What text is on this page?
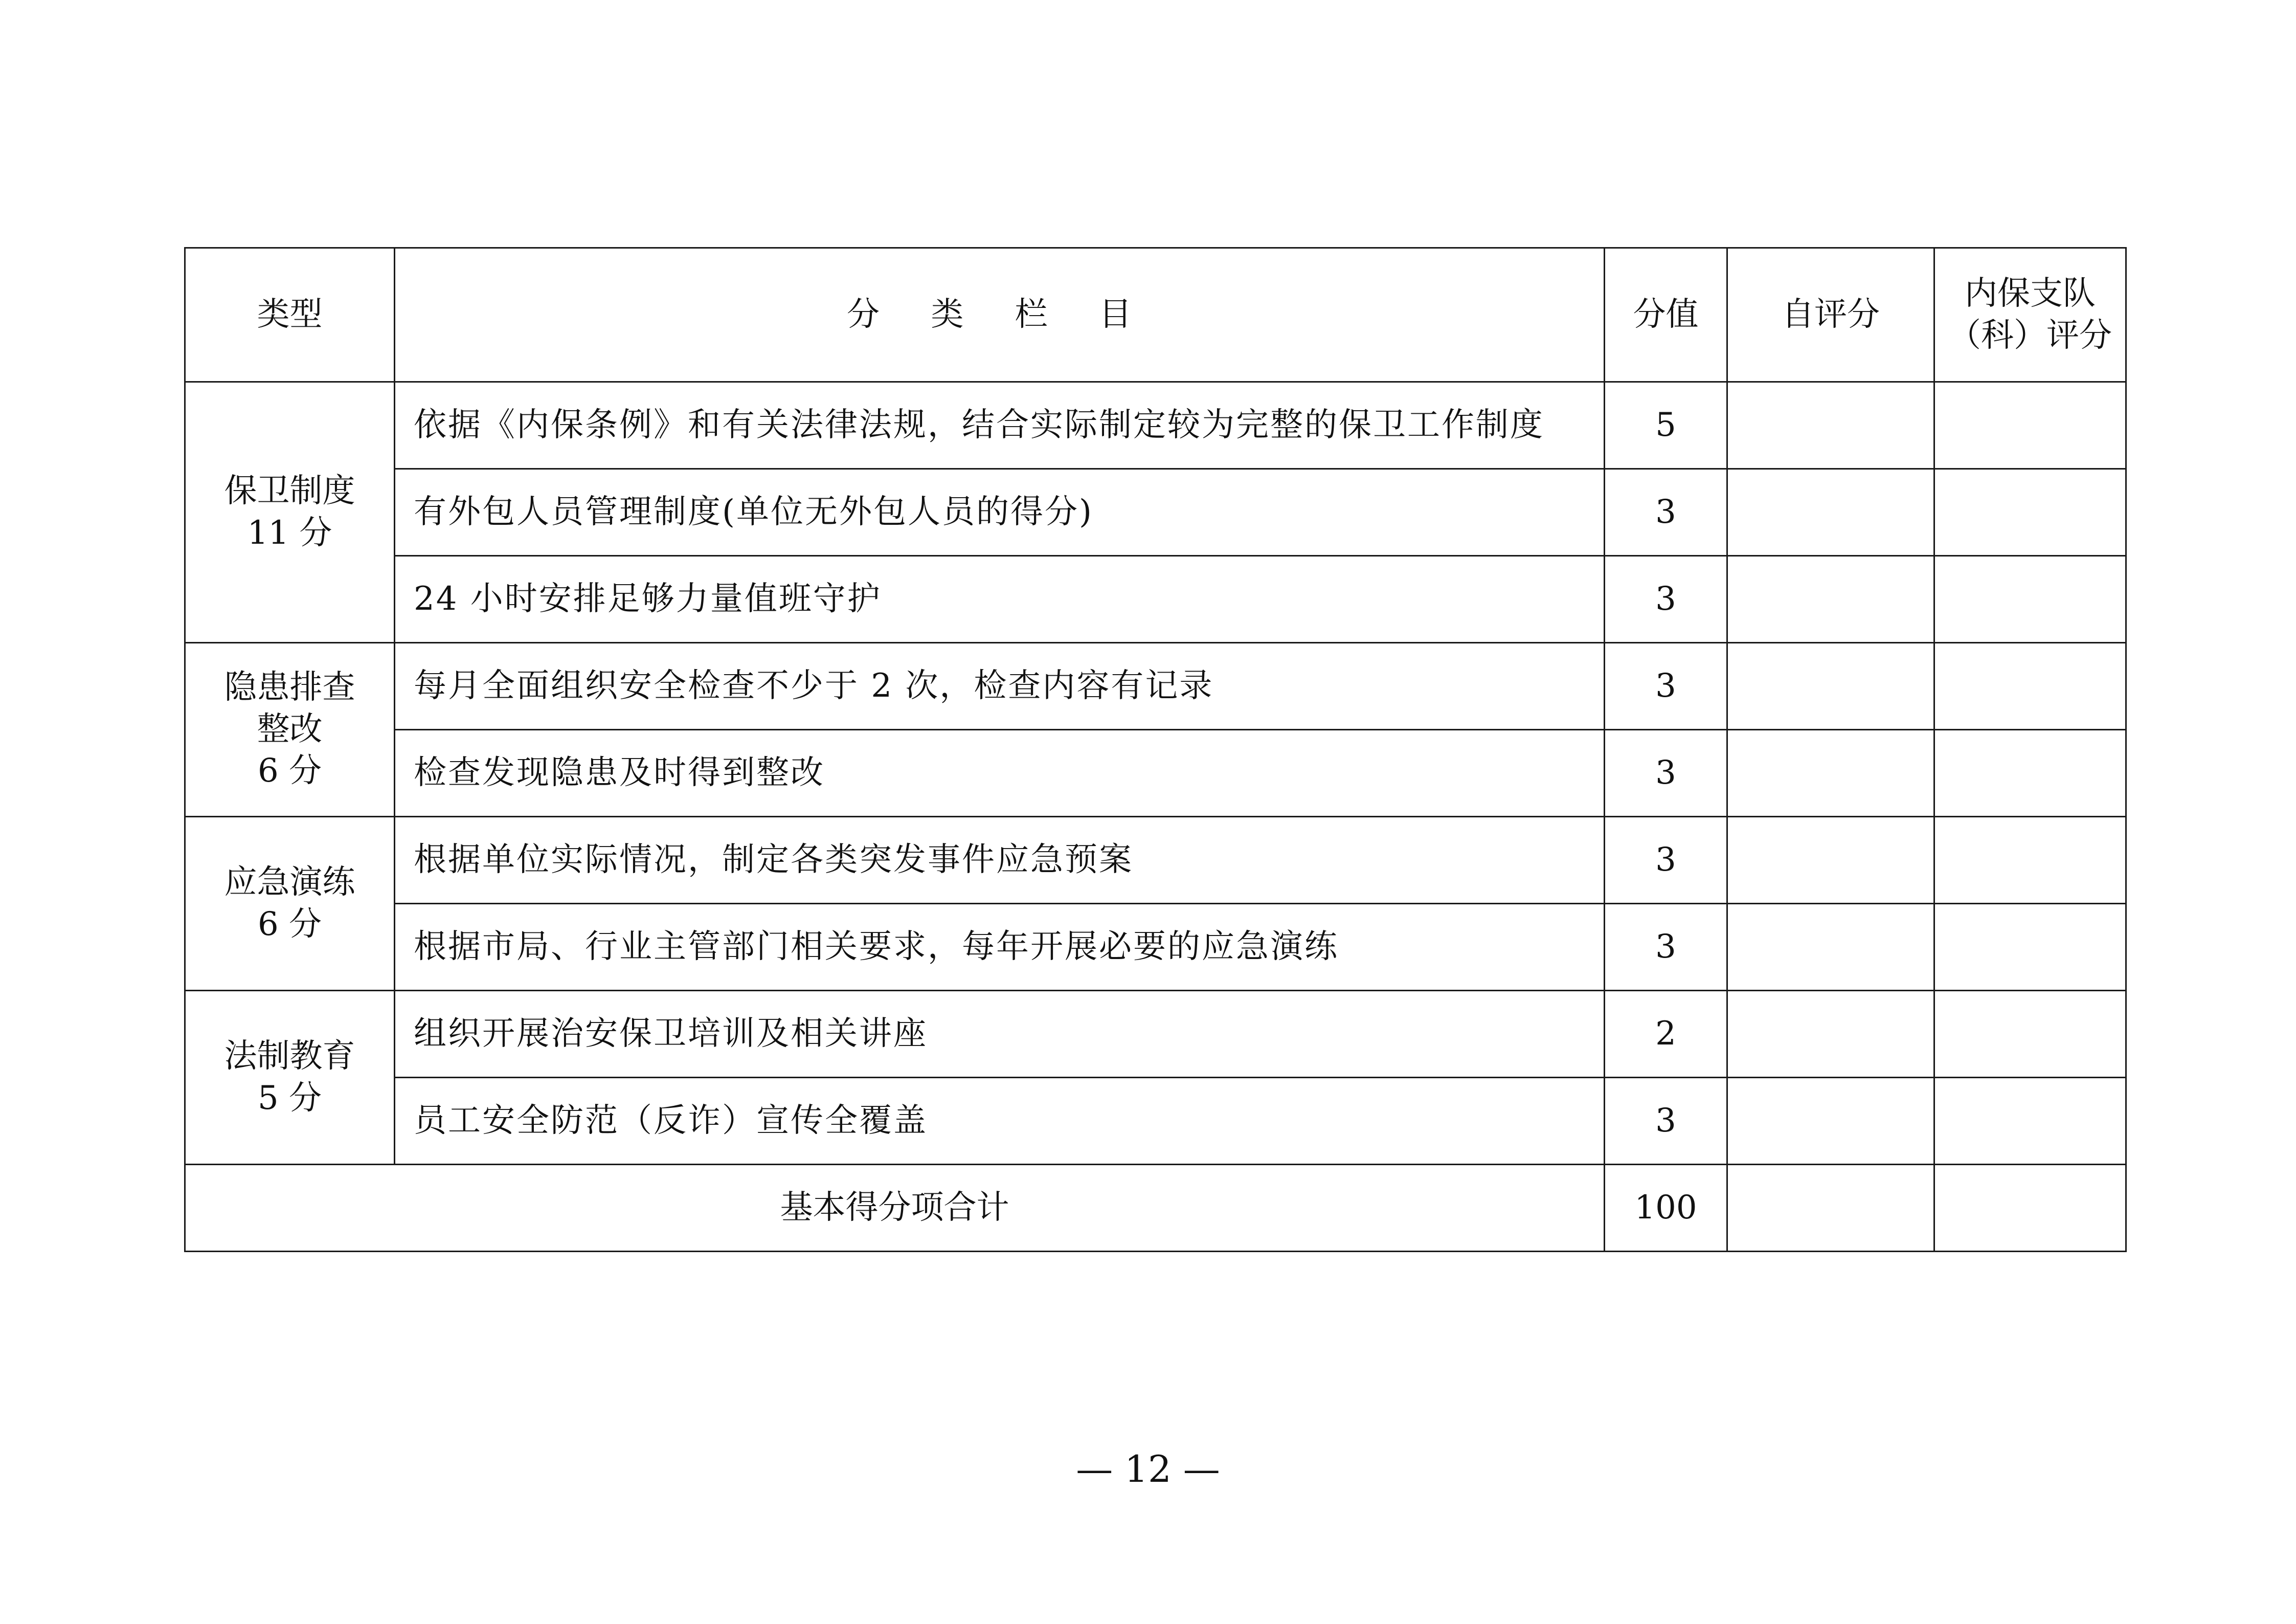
类型	分 类 栏 目	分值	自评分	内保支队
（科）评分

保卫制度
11 分	依据《内保条例》和有关法律法规，结合实际制定较为完整的保卫工作制度	5		
	有外包人员管理制度(单位无外包人员的得分)	3		
	24 小时安排足够力量值班守护	3		

隐患排查
整改
6 分	每月全面组织安全检查不少于 2 次，检查内容有记录	3		
	检查发现隐患及时得到整改	3		

应急演练
6 分	根据单位实际情况，制定各类突发事件应急预案	3		
	根据市局、行业主管部门相关要求，每年开展必要的应急演练	3		

法制教育
5 分	组织开展治安保卫培训及相关讲座	2		
	员工安全防范（反诈）宣传全覆盖	3		
基本得分项合计		100		
— 12 —
